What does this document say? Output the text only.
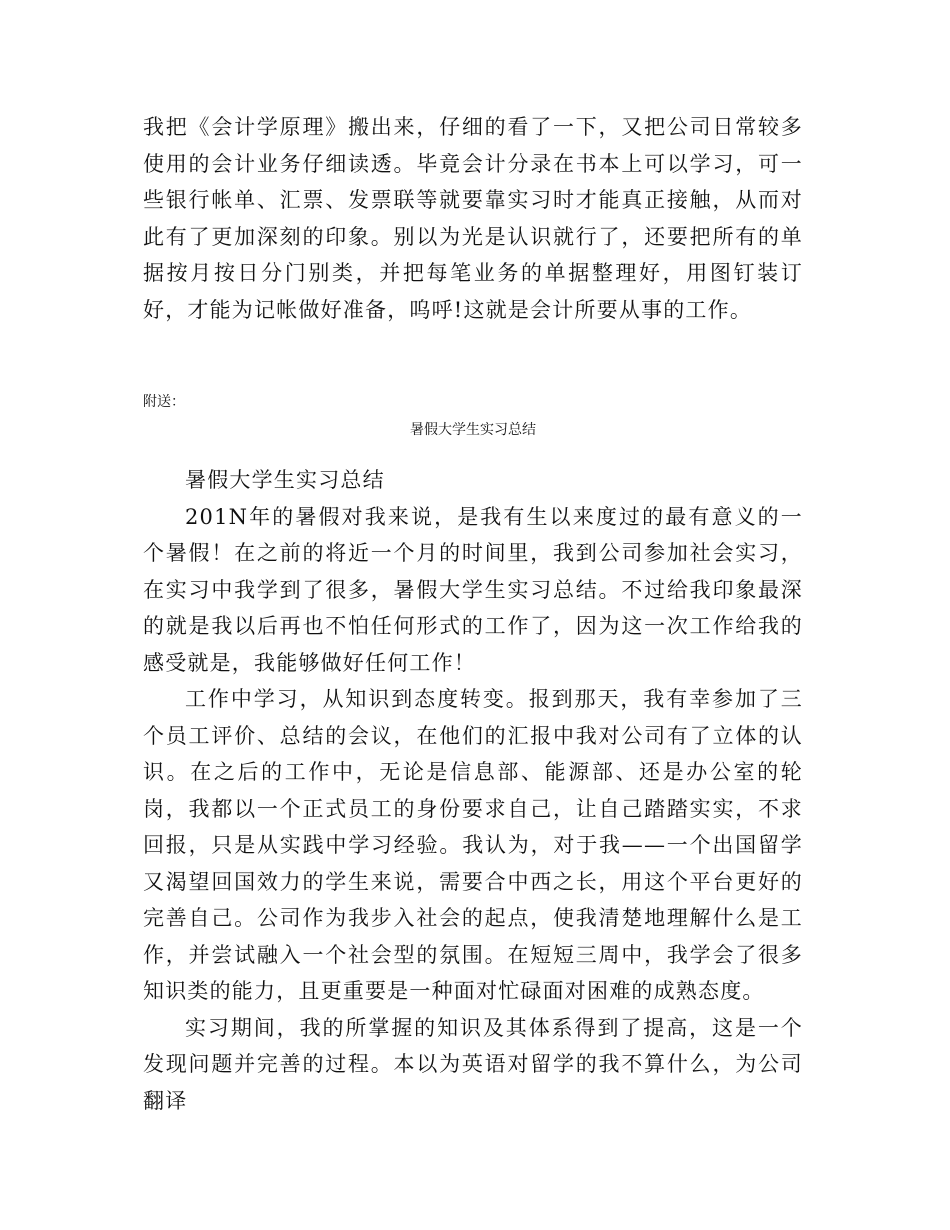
我把《会计学原理》搬出来，仔细的看了一下，又把公司日常较多使用的会计业务仔细读透。毕竟会计分录在书本上可以学习，可一些银行帐单、汇票、发票联等就要靠实习时才能真正接触，从而对此有了更加深刻的印象。别以为光是认识就行了，还要把所有的单据按月按日分门别类，并把每笔业务的单据整理好，用图钉装订好，才能为记帐做好准备，呜呼!这就是会计所要从事的工作。

附送：

暑假大学生实习总结

暑假大学生实习总结

201N年的暑假对我来说，是我有生以来度过的最有意义的一个暑假！在之前的将近一个月的时间里，我到公司参加社会实习，在实习中我学到了很多，暑假大学生实习总结。不过给我印象最深的就是我以后再也不怕任何形式的工作了，因为这一次工作给我的感受就是，我能够做好任何工作！

工作中学习，从知识到态度转变。报到那天，我有幸参加了三个员工评价、总结的会议，在他们的汇报中我对公司有了立体的认识。在之后的工作中，无论是信息部、能源部、还是办公室的轮岗，我都以一个正式员工的身份要求自己，让自己踏踏实实，不求回报，只是从实践中学习经验。我认为，对于我——一个出国留学又渴望回国效力的学生来说，需要合中西之长，用这个平台更好的完善自己。公司作为我步入社会的起点，使我清楚地理解什么是工作，并尝试融入一个社会型的氛围。在短短三周中，我学会了很多知识类的能力，且更重要是一种面对忙碌面对困难的成熟态度。

实习期间，我的所掌握的知识及其体系得到了提高，这是一个发现问题并完善的过程。本以为英语对留学的我不算什么，为公司翻译
